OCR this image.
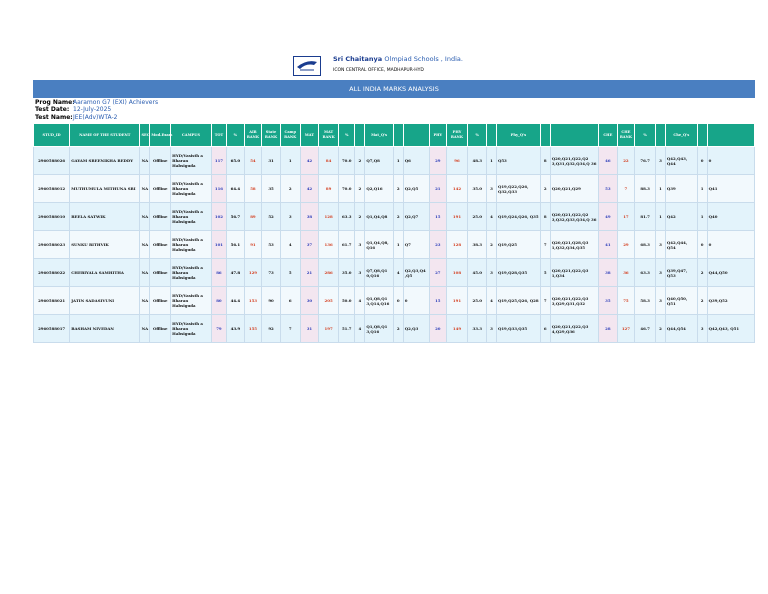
Sri Chaitanya Olmpiad Schools , India.
ICON CENTRAL OFFICE, MADHAPUR-HYD
ALL INDIA MARKS ANALYSIS
Prog Name:Aaramon G7 (EXI) Achievers
Test Date: 12-July-2025
Test Name:JEE(Adv)WTA-2
STUD_ID	NAME OF THE STUDENT	SEC	Mod.Exam	CAMPUS	TOT	%	AIR RANK	State RANK	Camp RANK	MAT	MAT RANK	%		Mat_Q's			PHY	PHY RANK	%		Phy_Q's			CHE	CHE RANK	%		Che_Q's		
2960588026	GAYAM SREENIKHA REDDY	NA	Offline	HYD/Vasisth a Bharan Habsiguda	117	65.0	54	31	1	42	84	70.0	2	Q7,Q8	1	Q6	29	96	48.3	1	Q53	8	Q20,Q21,Q22,Q2 3,Q31,Q32,Q34,Q 36	46	22	76.7	3	Q42,Q43, Q44	0	0
2960588012	MUTHUMULA MITHUNA SRI	NA	Offline	HYD/Vasisth a Bharan Habsiguda	116	64.4	58	35	2	42	89	70.0	2	Q2,Q16	2	Q2,Q5	21	142	35.0	3	Q19,Q22,Q26, Q32,Q33	2	Q20,Q21,Q29	53	7	88.3	1	Q39	1	Q41
2960588010	REELA SATWIK	NA	Offline	HYD/Vasisth a Bharan Habsiguda	102	56.7	89	52	3	38	128	63.3	2	Q1,Q4,Q8	2	Q2,Q7	15	191	25.0	4	Q19,Q24,Q26, Q35	8	Q20,Q21,Q22,Q2 3,Q32,Q33,Q34,Q 36	49	17	81.7	1	Q42	1	Q40
2960588023	SUNKU RITHVIK	NA	Offline	HYD/Vasisth a Bharan Habsiguda	101	56.1	91	53	4	37	136	61.7	3	Q1,Q4,Q8, Q16	1	Q7	23	128	38.3	2	Q19,Q25	7	Q20,Q21,Q28,Q3 1,Q32,Q34,Q35	41	29	68.3	3	Q42,Q44, Q54	0	0
2960588022	CHEBIYALA SAMHITHA	NA	Offline	HYD/Vasisth a Bharan Habsiguda	86	47.8	129	73	5	21	286	35.0	3	Q7,Q8,Q1 0,Q16	4	Q2,Q3,Q4 ,Q5	27	108	45.0	3	Q19,Q28,Q35	5	Q20,Q21,Q22,Q3 1,Q34	38	36	63.3	3	Q39,Q47, Q53	2	Q44,Q50
2960588021	JATIN SADASIVUNI	NA	Offline	HYD/Vasisth a Bharan Habsiguda	80	44.4	153	90	6	30	205	50.0	4	Q1,Q8,Q1 3,Q14,Q16	0	0	15	191	25.0	4	Q19,Q25,Q26, Q28	7	Q20,Q21,Q22,Q3 3,Q29,Q31,Q32	35	75	58.3	3	Q40,Q50, Q51	2	Q39,Q52
2960588017	BASHAM NIVEDAN	NA	Offline	HYD/Vasisth a Bharan Habsiguda	79	43.9	155	92	7	31	197	51.7	4	Q1,Q8,Q1 3,Q16	2	Q2,Q3	20	149	33.3	3	Q19,Q33,Q35	6	Q20,Q21,Q22,Q3 4,Q29,Q36	28	127	46.7	2	Q44,Q54	3	Q42,Q43, Q51
